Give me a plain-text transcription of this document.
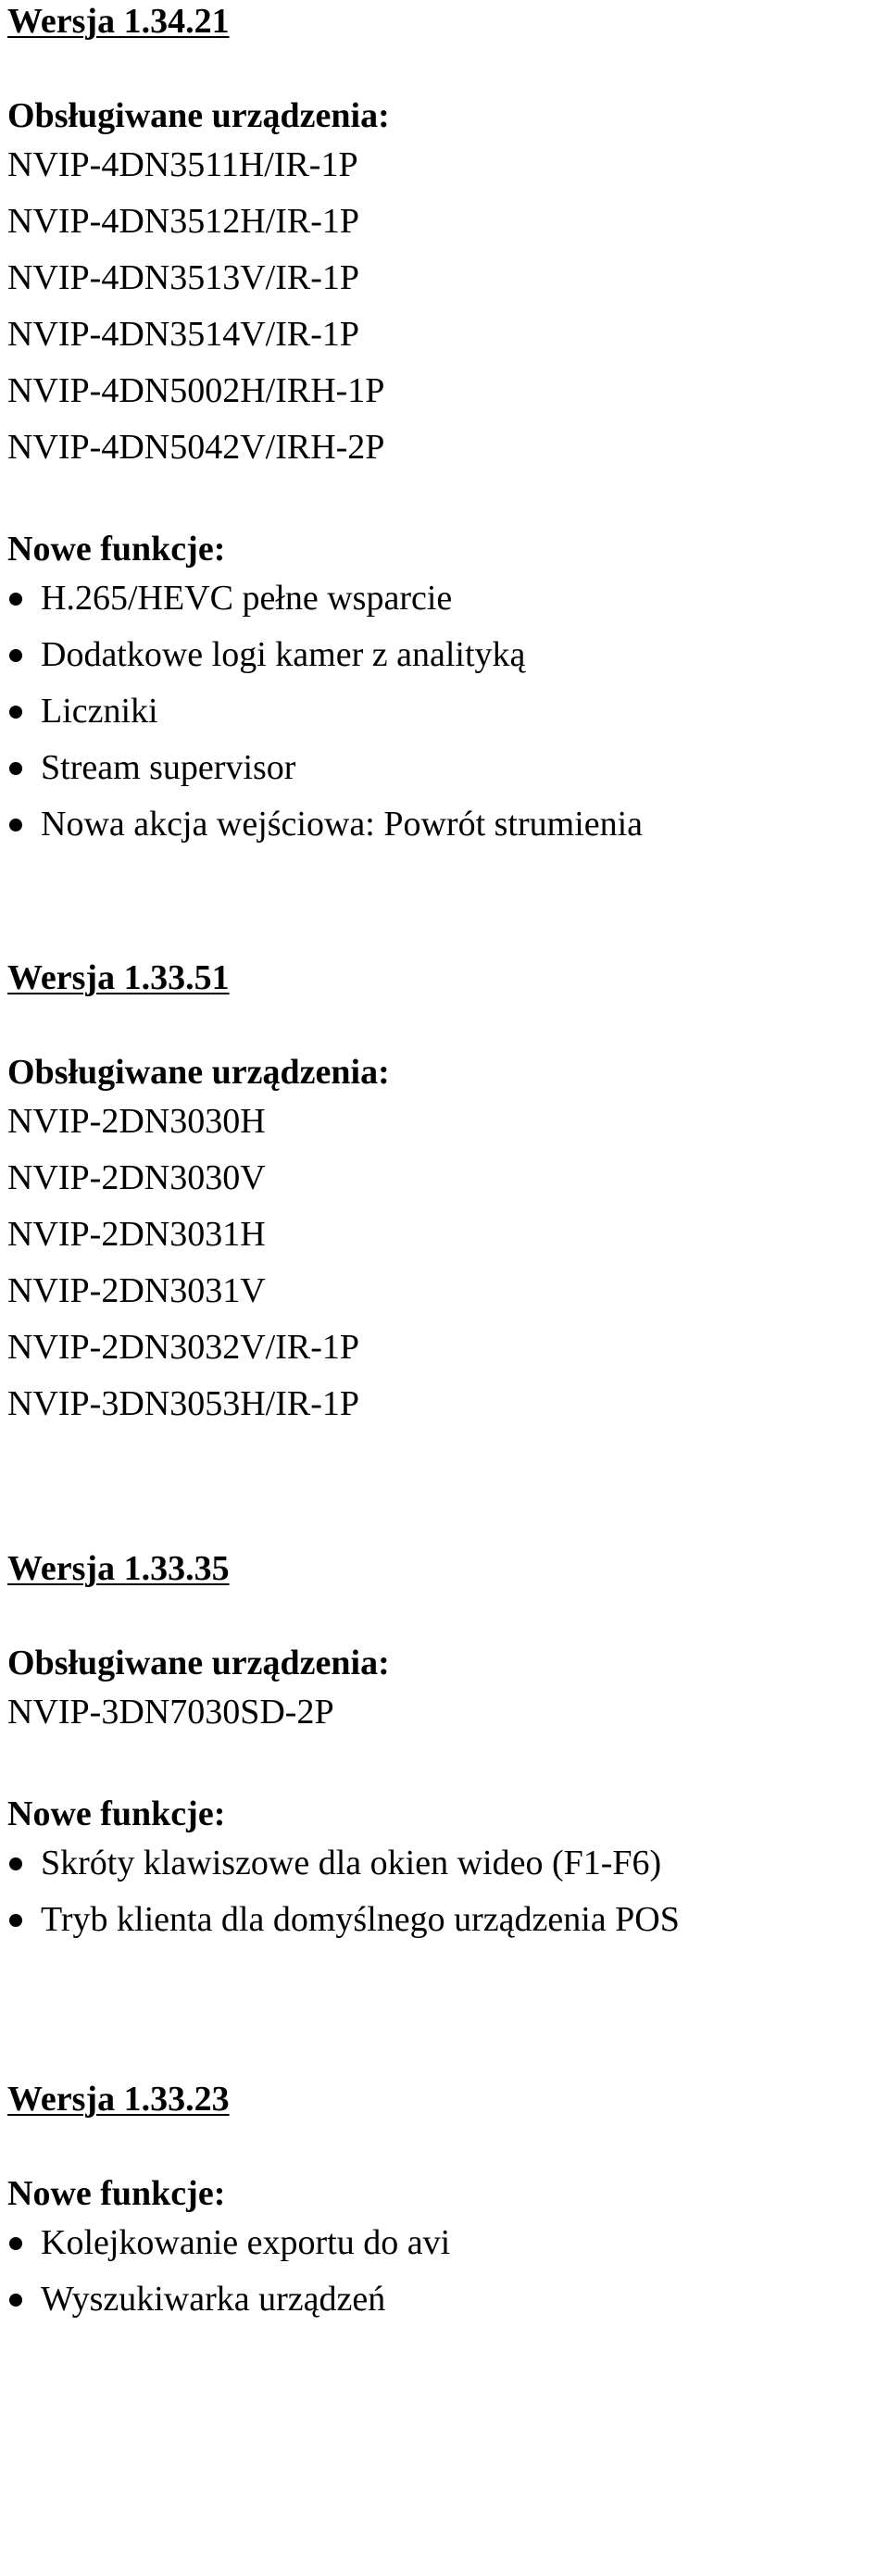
Wersja 1.34.21
Obsługiwane urządzenia:
NVIP-4DN3511H/IR-1P
NVIP-4DN3512H/IR-1P
NVIP-4DN3513V/IR-1P
NVIP-4DN3514V/IR-1P
NVIP-4DN5002H/IRH-1P
NVIP-4DN5042V/IRH-2P
Nowe funkcje:
H.265/HEVC pełne wsparcie
Dodatkowe logi kamer z analityką
Liczniki
Stream supervisor
Nowa akcja wejściowa: Powrót strumienia
Wersja 1.33.51
Obsługiwane urządzenia:
NVIP-2DN3030H
NVIP-2DN3030V
NVIP-2DN3031H
NVIP-2DN3031V
NVIP-2DN3032V/IR-1P
NVIP-3DN3053H/IR-1P
Wersja 1.33.35
Obsługiwane urządzenia:
NVIP-3DN7030SD-2P
Nowe funkcje:
Skróty klawiszowe dla okien wideo (F1-F6)
Tryb klienta dla domyślnego urządzenia POS
Wersja 1.33.23
Nowe funkcje:
Kolejkowanie exportu do avi
Wyszukiwarka urządzeń
